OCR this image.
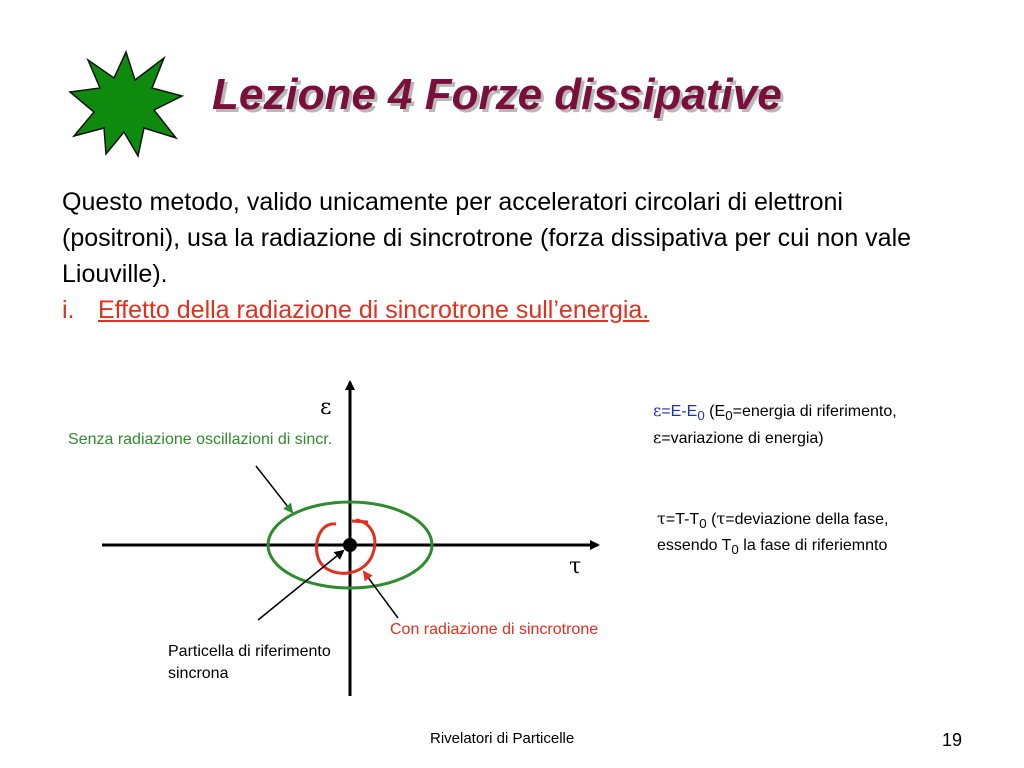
Lezione 4 Forze dissipative
Questo metodo, valido unicamente per acceleratori circolari di elettroni (positroni), usa la radiazione di sincrotrone (forza dissipativa per cui non vale Liouville).
i. Effetto della radiazione di sincrotrone sull’energia.
ε
τ
Senza radiazione oscillazioni di sincr.
Con radiazione di sincrotrone
Particella di riferimento
sincrona
$\varepsilon=E-E_0$ ($E_0=energia$ di riferimento,
ε=variazione di energia)
$\tau=T-T_0$ (τ=deviazione della fase,
essendo $T_0$ la fase di riferiemnto
Rivelatori di Particelle	19
